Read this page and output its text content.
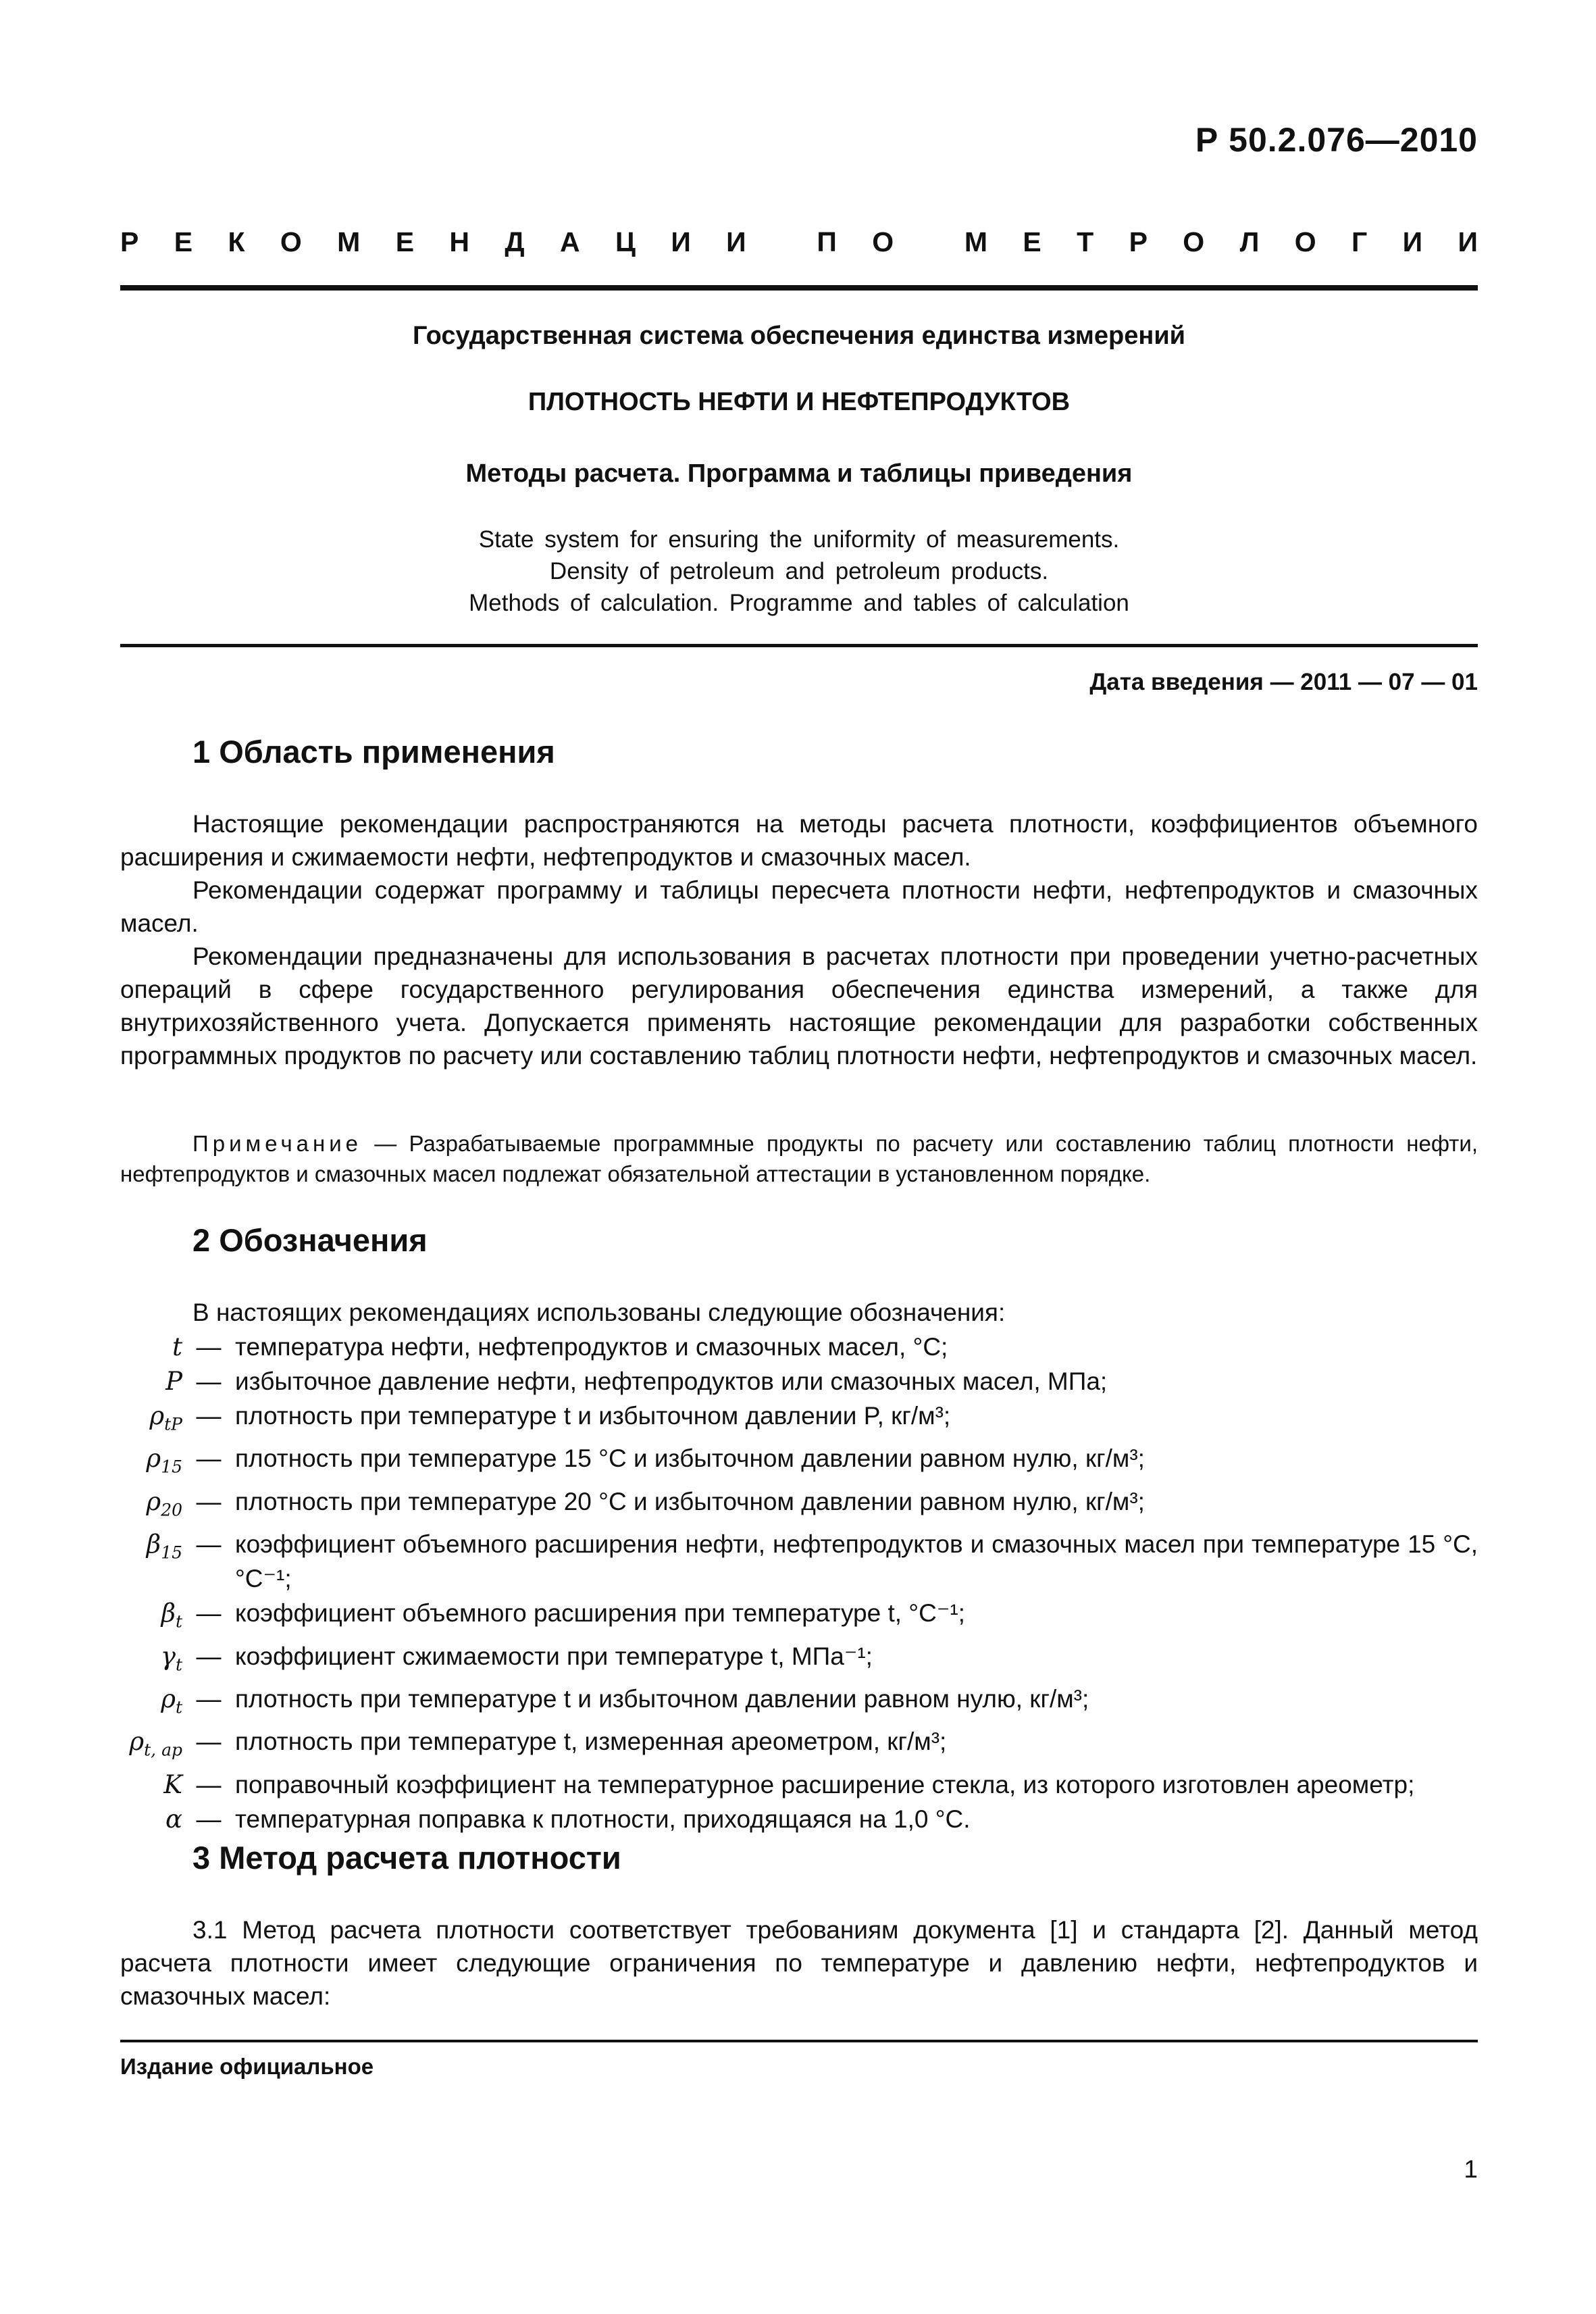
Р 50.2.076—2010
Р Е К О М Е Н Д А Ц И И	П О	М Е Т Р О Л О Г И И
Государственная система обеспечения единства измерений
ПЛОТНОСТЬ НЕФТИ И НЕФТЕПРОДУКТОВ
Методы расчета. Программа и таблицы приведения
State system for ensuring the uniformity of measurements.
Density of petroleum and petroleum products.
Methods of calculation. Programme and tables of calculation
Дата введения — 2011 — 07 — 01
1 Область применения

Настоящие рекомендации распространяются на методы расчета плотности, коэффициентов объемного расширения и сжимаемости нефти, нефтепродуктов и смазочных масел.

Рекомендации содержат программу и таблицы пересчета плотности нефти, нефтепродуктов и смазочных масел.

Рекомендации предназначены для использования в расчетах плотности при проведении учетно-расчетных операций в сфере государственного регулирования обеспечения единства измерений, а также для внутрихозяйственного учета. Допускается применять настоящие рекомендации для разработки собственных программных продуктов по расчету или составлению таблиц плотности нефти, нефтепродуктов и смазочных масел.

Примечание — Разрабатываемые программные продукты по расчету или составлению таблиц плотности нефти, нефтепродуктов и смазочных масел подлежат обязательной аттестации в установленном порядке.
2 Обозначения

В настоящих рекомендациях использованы следующие обозначения:

t — температура нефти, нефтепродуктов и смазочных масел, °С;
P — избыточное давление нефти, нефтепродуктов или смазочных масел, МПа;
$\rho_{tP}$ — плотность при температуре t и избыточном давлении P, кг/м³;
$\rho_{15}$ — плотность при температуре 15 °С и избыточном давлении равном нулю, кг/м³;
$\rho_{20}$ — плотность при температуре 20 °С и избыточном давлении равном нулю, кг/м³;
$\beta_{15}$ — коэффициент объемного расширения нефти, нефтепродуктов и смазочных масел при температуре 15 °С, °С⁻¹;
$\beta_t$ — коэффициент объемного расширения при температуре t, °С⁻¹;
$\gamma_t$ — коэффициент сжимаемости при температуре t, МПа⁻¹;
$\rho_t$ — плотность при температуре t и избыточном давлении равном нулю, кг/м³;
$\rho_{t, ар}$ — плотность при температуре t, измеренная ареометром, кг/м³;
K — поправочный коэффициент на температурное расширение стекла, из которого изготовлен ареометр;
α — температурная поправка к плотности, приходящаяся на 1,0 °С.
3 Метод расчета плотности

3.1 Метод расчета плотности соответствует требованиям документа [1] и стандарта [2]. Данный метод расчета плотности имеет следующие ограничения по температуре и давлению нефти, нефтепродуктов и смазочных масел:

Издание официальное
1
